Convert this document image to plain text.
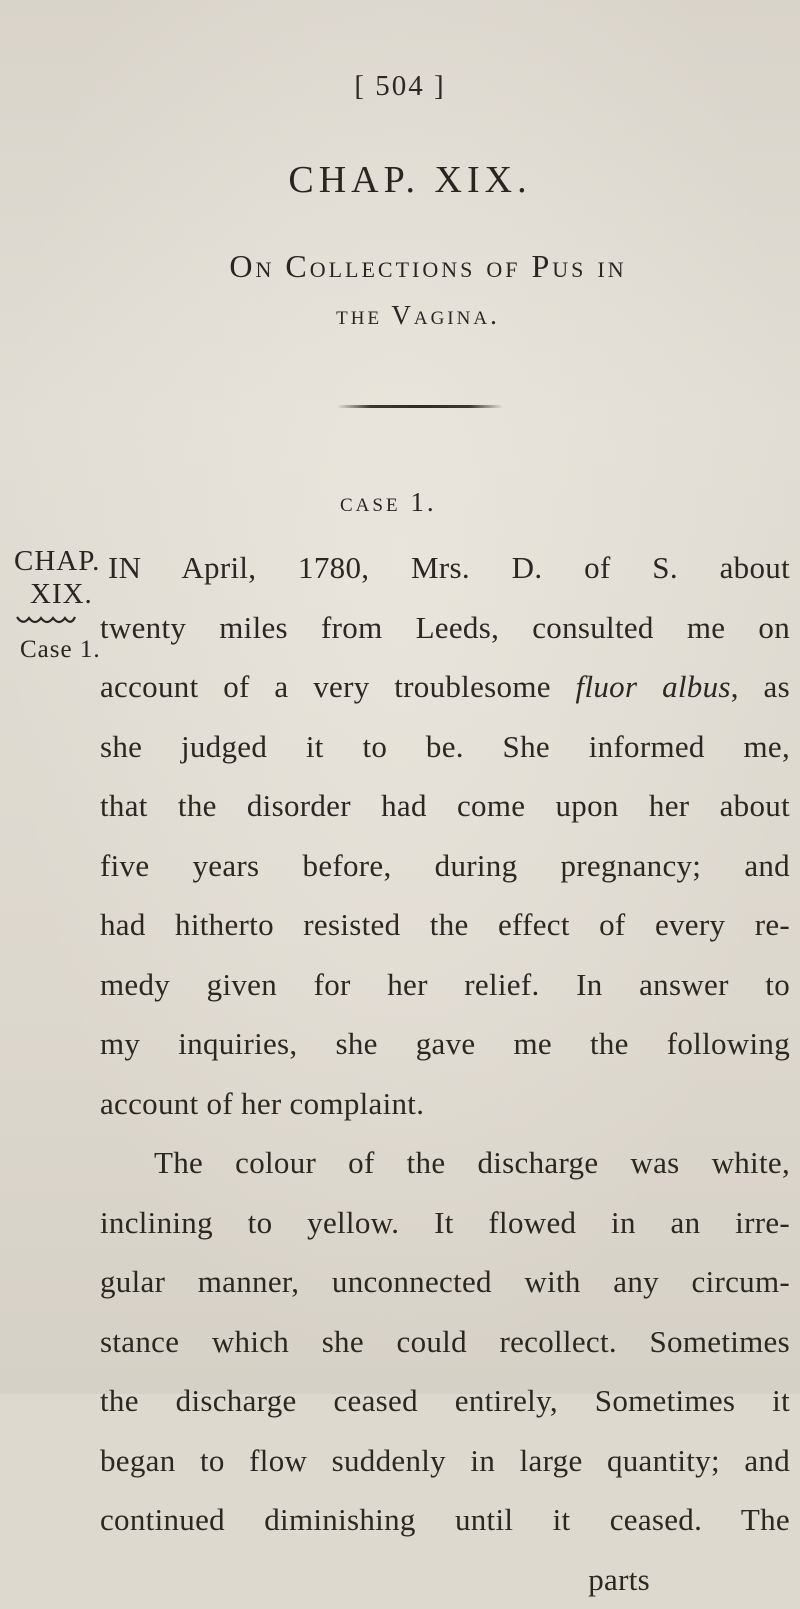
[ 504 ]
CHAP. XIX.
On Collections of Pus in
the Vagina.
case 1.
CHAP.
XIX.
Case 1.
IN April, 1780, Mrs. D. of S. about
twenty miles from Leeds, consulted me on
account of a very troublesome fluor albus, as
she judged it to be. She informed me,
that the disorder had come upon her about
five years before, during pregnancy; and
had hitherto resisted the effect of every re-
medy given for her relief. In answer to
my inquiries, she gave me the following
account of her complaint.
The colour of the discharge was white,
inclining to yellow. It flowed in an irre-
gular manner, unconnected with any circum-
stance which she could recollect. Sometimes
the discharge ceased entirely, Sometimes it
began to flow suddenly in large quantity; and
continued diminishing until it ceased. The
parts
